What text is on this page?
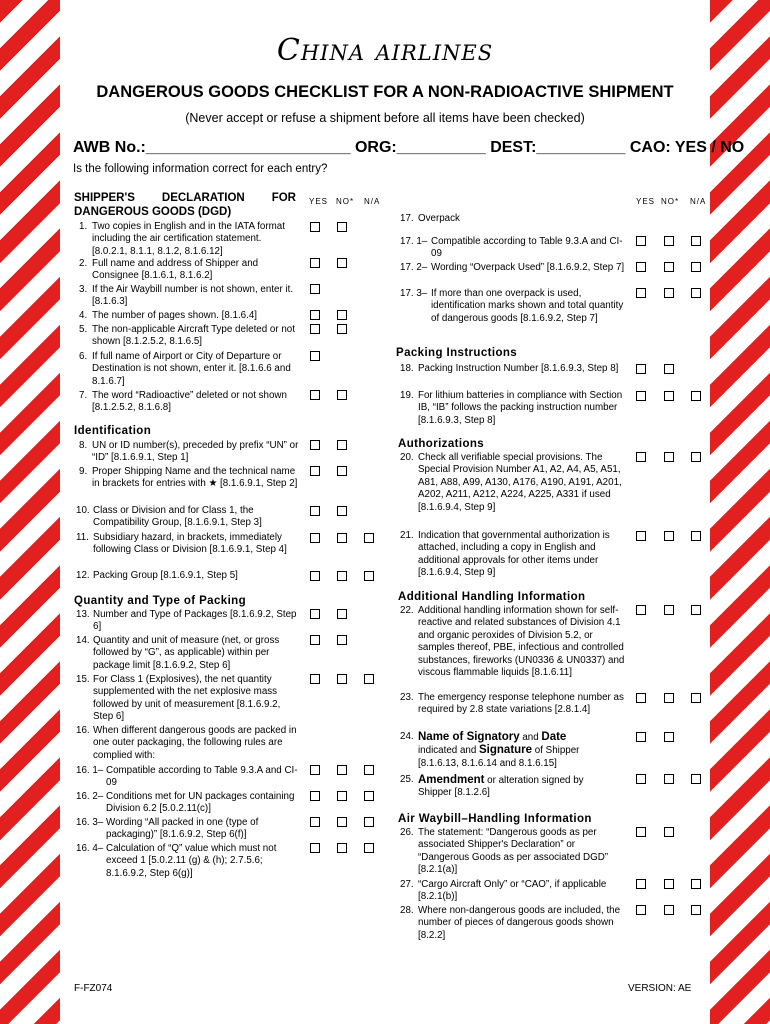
China airlines
DANGEROUS GOODS CHECKLIST FOR A NON-RADIOACTIVE SHIPMENT
(Never accept or refuse a shipment before all items have been checked)
AWB No.:_______________________ ORG:__________ DEST:__________ CAO: YES / NO
Is the following information correct for each entry?
YES NO* N/A	YES NO* N/A
SHIPPER'S DECLARATION FOR DANGEROUS GOODS (DGD)
1. Two copies in English and in the IATA format including the air certification statement. [8.0.2.1, 8.1.1, 8.1.2, 8.1.6.12]
2. Full name and address of Shipper and Consignee [8.1.6.1, 8.1.6.2]
3. If the Air Waybill number is not shown, enter it. [8.1.6.3]
4. The number of pages shown. [8.1.6.4]
5. The non-applicable Aircraft Type deleted or not shown [8.1.2.5.2, 8.1.6.5]
6. If full name of Airport or City of Departure or Destination is not shown, enter it. [8.1.6.6 and 8.1.6.7]
7. The word “Radioactive” deleted or not shown [8.1.2.5.2, 8.1.6.8]
Identification
8. UN or ID number(s), preceded by prefix “UN” or “ID” [8.1.6.9.1, Step 1]
9. Proper Shipping Name and the technical name in brackets for entries with ★ [8.1.6.9.1, Step 2]
10. Class or Division and for Class 1, the Compatibility Group, [8.1.6.9.1, Step 3]
11. Subsidiary hazard, in brackets, immediately following Class or Division [8.1.6.9.1, Step 4]
12. Packing Group [8.1.6.9.1, Step 5]
Quantity and Type of Packing
13. Number and Type of Packages [8.1.6.9.2, Step 6]
14. Quantity and unit of measure (net, or gross followed by “G”, as applicable) within per package limit [8.1.6.9.2, Step 6]
15. For Class 1 (Explosives), the net quantity supplemented with the net explosive mass followed by unit of measurement [8.1.6.9.2, Step 6]
16. When different dangerous goods are packed in one outer packaging, the following rules are complied with:
16. 1– Compatible according to Table 9.3.A and CI-09
16. 2– Conditions met for UN packages containing Division 6.2 [5.0.2.11(c)]
16. 3– Wording “All packed in one (type of packaging)” [8.1.6.9.2, Step 6(f)]
16. 4– Calculation of “Q” value which must not exceed 1 [5.0.2.11 (g) & (h); 2.7.5.6; 8.1.6.9.2, Step 6(g)]
17. Overpack
17. 1– Compatible according to Table 9.3.A and CI-09
17. 2– Wording “Overpack Used” [8.1.6.9.2, Step 7]
17. 3– If more than one overpack is used, identification marks shown and total quantity of dangerous goods [8.1.6.9.2, Step 7]
Packing Instructions
18. Packing Instruction Number [8.1.6.9.3, Step 8]
19. For lithium batteries in compliance with Section IB, “IB” follows the packing instruction number [8.1.6.9.3, Step 8]
Authorizations
20. Check all verifiable special provisions. The Special Provision Number A1, A2, A4, A5, A51, A81, A88, A99, A130, A176, A190, A191, A201, A202, A211, A212, A224, A225, A331 if used [8.1.6.9.4, Step 9]
21. Indication that governmental authorization is attached, including a copy in English and additional approvals for other items under [8.1.6.9.4, Step 9]
Additional Handling Information
22. Additional handling information shown for self-reactive and related substances of Division 4.1 and organic peroxides of Division 5.2, or samples thereof, PBE, infectious and controlled substances, fireworks (UN0336 & UN0337) and viscous flammable liquids [8.1.6.11]
23. The emergency response telephone number as required by 2.8 state variations [2.8.1.4]
24. Name of Signatory and Date
indicated and Signature of Shipper
[8.1.6.13, 8.1.6.14 and 8.1.6.15]
25. Amendment or alteration signed by
Shipper [8.1.2.6]
Air Waybill–Handling Information
26. The statement: “Dangerous goods as per associated Shipper's Declaration” or “Dangerous Goods as per associated DGD” [8.2.1(a)]
27. “Cargo Aircraft Only” or “CAO”, if applicable [8.2.1(b)]
28. Where non-dangerous goods are included, the number of pieces of dangerous goods shown [8.2.2]
F-FZ074	VERSION: AE
